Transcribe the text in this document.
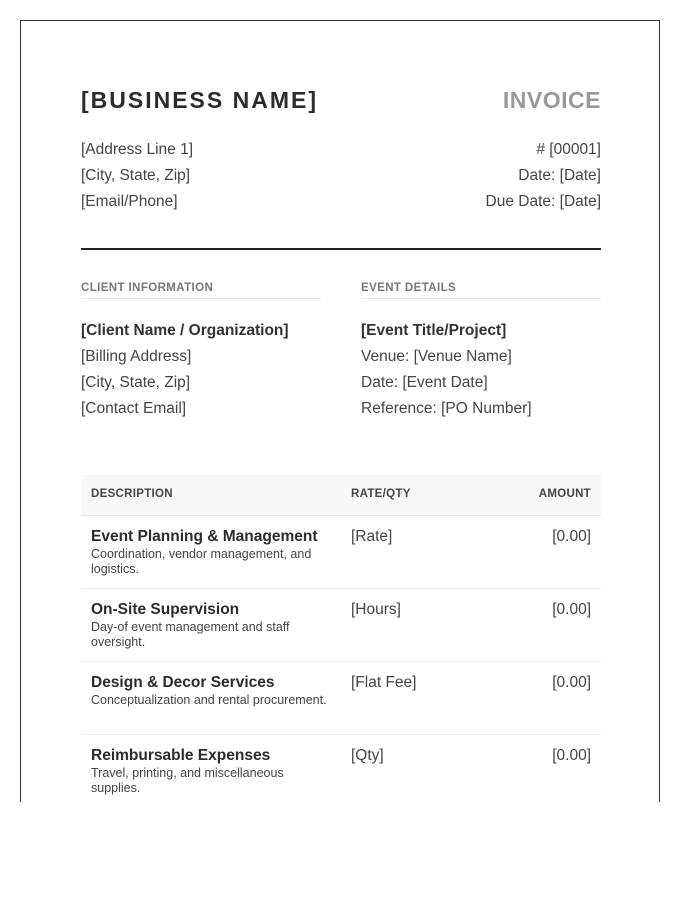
[BUSINESS NAME]	INVOICE
[Address Line 1]
[City, State, Zip]
[Email/Phone]
# [00001]
Date: [Date]
Due Date: [Date]
CLIENT INFORMATION
[Client Name / Organization]
[Billing Address]
[City, State, Zip]
[Contact Email]
EVENT DETAILS
[Event Title/Project]
Venue: [Venue Name]
Date: [Event Date]
Reference: [PO Number]
DESCRIPTION	RATE/QTY	AMOUNT
Event Planning & Management
Coordination, vendor management, and logistics.
[Rate]	[0.00]
On-Site Supervision
Day-of event management and staff oversight.
[Hours]	[0.00]
Design & Decor Services
Conceptualization and rental procurement.
[Flat Fee]	[0.00]
Reimbursable Expenses
Travel, printing, and miscellaneous supplies.
[Qty]	[0.00]
